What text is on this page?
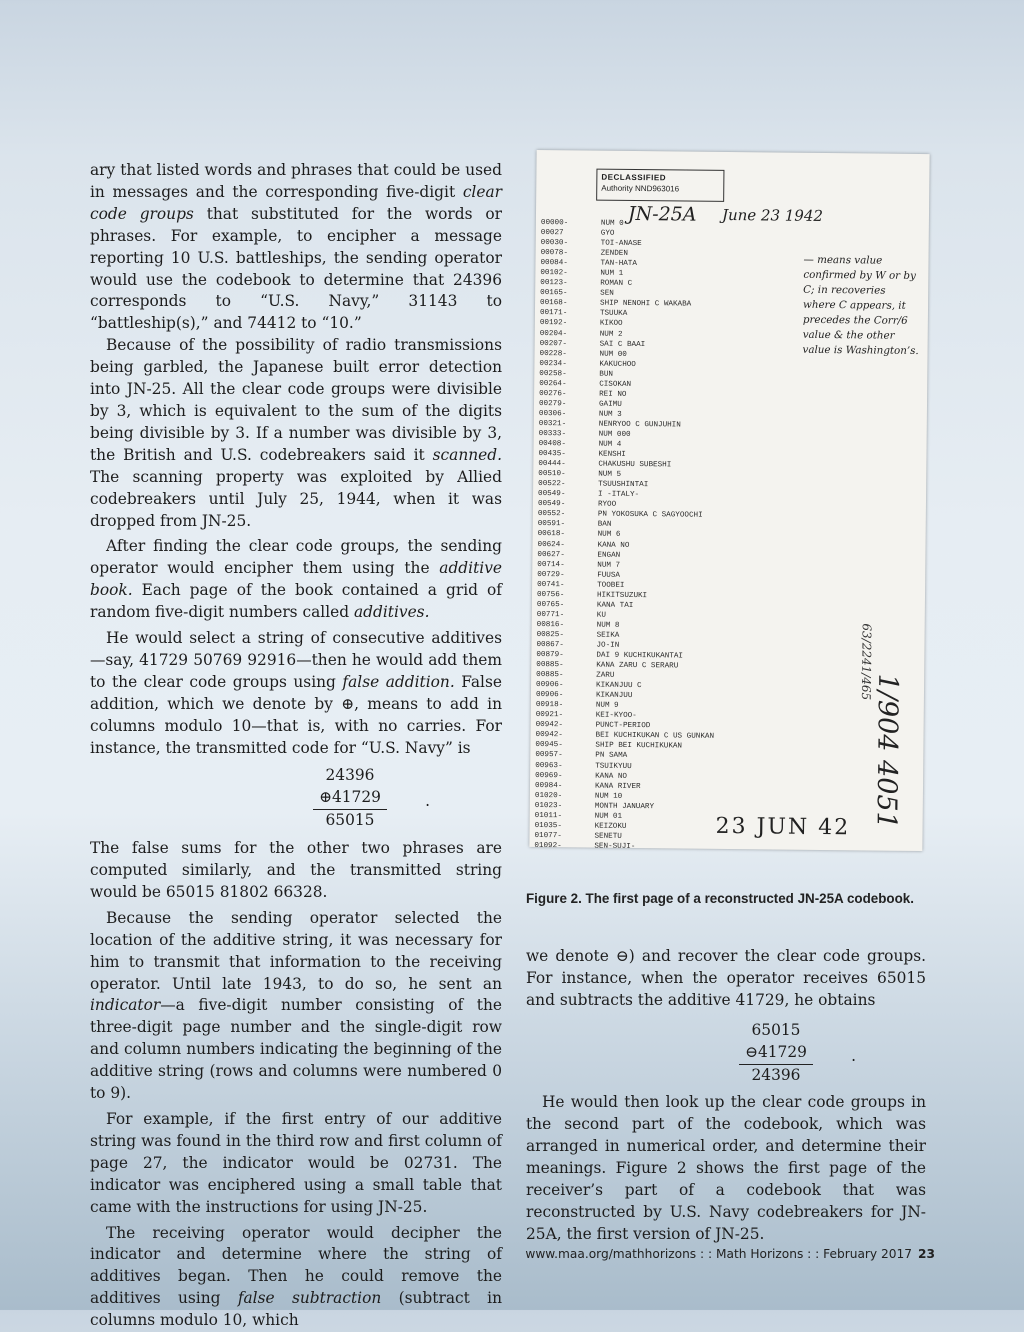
ary that listed words and phrases that could be used in messages and the corresponding five-digit clear code groups that substituted for the words or phrases. For example, to encipher a message reporting 10 U.S. battleships, the sending operator would use the codebook to determine that 24396 corresponds to “U.S. Navy,” 31143 to “battleship(s),” and 74412 to “10.”

Because of the possibility of radio transmissions being garbled, the Japanese built error detection into JN-25. All the clear code groups were divisible by 3, which is equivalent to the sum of the digits being divisible by 3. If a number was divisible by 3, the British and U.S. codebreakers said it scanned. The scanning property was exploited by Allied codebreakers until July 25, 1944, when it was dropped from JN-25.

After finding the clear code groups, the sending operator would encipher them using the additive book. Each page of the book contained a grid of random five-digit numbers called additives.

He would select a string of consecutive additives—say, 41729 50769 92916—then he would add them to the clear code groups using false addition. False addition, which we denote by ⊕, means to add in columns modulo 10—that is, with no carries. For instance, the transmitted code for “U.S. Navy” is

24396
⊕41729
65015
.

The false sums for the other two phrases are computed similarly, and the transmitted string would be 65015 81802 66328.

Because the sending operator selected the location of the additive string, it was necessary for him to transmit that information to the receiving operator. Until late 1943, to do so, he sent an indicator—a five-digit number consisting of the three-digit page number and the single-digit row and column numbers indicating the beginning of the additive string (rows and columns were numbered 0 to 9).

For example, if the first entry of our additive string was found in the third row and first column of page 27, the indicator would be 02731. The indicator was enciphered using a small table that came with the instructions for using JN-25.

The receiving operator would decipher the indicator and determine where the string of additives began. Then he could remove the additives using false subtraction (subtract in columns modulo 10, which

DECLASSIFIED
Authority NND963016
JN-25A June 23 1942
00000-	NUM 0
00027	GYO
00030-	TOI-ANASE
00078-	ZENDEN
00084-	TAN-HATA
00102-	NUM 1
00123-	ROMAN C
00165-	SEN
00168-	SHIP NENOHI C WAKABA
00171-	TSUUKA
00192-	KIKOO
00204-	NUM 2
00207-	SAI C BAAI
00228-	NUM 00
00234-	KAKUCHOO
00258-	BUN
00264-	CISOKAN
00276-	REI NO
00279-	GAIMU
00306-	NUM 3
00321-	NENRYOO C GUNJUHIN
00333-	NUM 000
00408-	NUM 4
00435-	KENSHI
00444-	CHAKUSHU SUBESHI
00510-	NUM 5
00522-	TSUUSHINTAI
00549-	I -ITALY-
00549-	RYOO
00552-	PN YOKOSUKA C SAGYOOCHI
00591-	BAN
00618-	NUM 6
00624-	KANA NO
00627-	ENGAN
00714-	NUM 7
00729-	FUUSA
00741-	TOOBEI
00756-	HIKITSUZUKI
00765-	KANA TAI
00771-	KU
00816-	NUM 8
00825-	SEIKA
00867-	JO-IN
00879-	DAI 9 KUCHIKUKANTAI
00885-	KANA ZARU C SERARU
00885-	ZARU
00906-	KIKANJUU C
00906-	KIKANJUU
00918-	NUM 9
00921-	KEI-KYOO-
00942-	PUNCT-PERIOD
00942-	BEI KUCHIKUKAN C US GUNKAN
00945-	SHIP BEI KUCHIKUKAN
00957-	PN SAMA
00963-	TSUIKYUU
00969-	KANA NO
00984-	KANA RIVER
01020-	NUM 10
01023-	MONTH JANUARY
01011-	NUM 01
01035-	KEIZOKU
01077-	SENETU
01092-	SEN-SUJI-
— means value confirmed by W or by C; in recoveries where C appears, it precedes the Corr/6 value & the other value is Washington’s.
63/2241/465
1/904 4051
23 JUN 42
Figure 2. The first page of a reconstructed JN-25A codebook.

we denote ⊖) and recover the clear code groups. For instance, when the operator receives 65015 and subtracts the additive 41729, he obtains

65015
⊖41729
24396
.

He would then look up the clear code groups in the second part of the codebook, which was arranged in numerical order, and determine their meanings. Figure 2 shows the first page of the receiver’s part of a codebook that was reconstructed by U.S. Navy codebreakers for JN-25A, the first version of JN-25.

www.maa.org/mathhorizons : : Math Horizons : : February 2017 23
